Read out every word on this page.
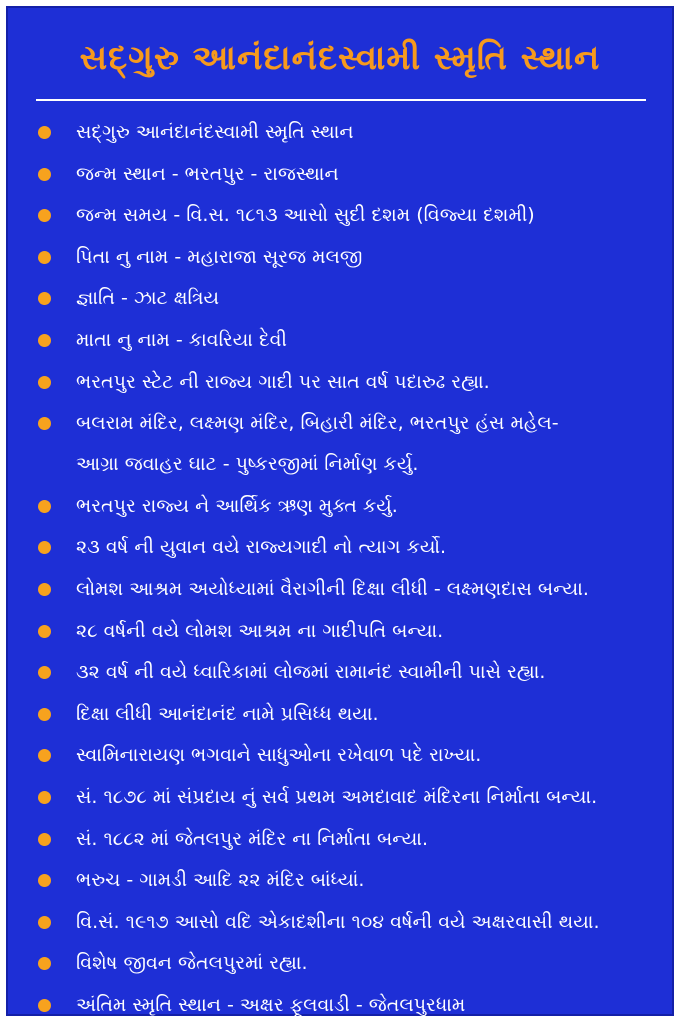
સદ્‌ગુરુ આનંદાનંદસ્વામી સ્મૃતિ સ્થાન
સદ્‌ગુરુ આનંદાનંદસ્વામી સ્મૃતિ સ્થાન
જન્મ સ્થાન - ભરતપુર - રાજસ્થાન
જન્મ સમય - વિ.સ. ૧૮૧૩ આસો સુદી દશમ (વિજ્યા દશમી)
પિતા નુ નામ - મહારાજા સૂરજ મલજી
જ્ઞાતિ - ઝાટ ક્ષત્રિય
માતા નુ નામ - કાવરિયા દેવી
ભરતપુર સ્ટેટ ની રાજ્ય ગાદી પર સાત વર્ષ પદારુઢ રહ્યા.
બલરામ મંદિર, લક્ષ્મણ મંદિર, બિહારી મંદિર, ભરતપુર હંસ મહેલ-
આગ્રા જવાહર ઘાટ - પુષ્કરજીમાં નિર્માણ કર્યુ.
ભરતપુર રાજ્ય ને આર્થિક ઋણ મુક્ત કર્યુ.
૨૩ વર્ષ ની યુવાન વયે રાજ્યગાદી નો ત્યાગ કર્યો.
લોમશ આશ્રમ અયોધ્યામાં વૈરાગીની દિક્ષા લીધી - લક્ષ્મણદાસ બન્યા.
૨૮ વર્ષની વયે લોમશ આશ્રમ ના ગાદીપતિ બન્યા.
૩૨ વર્ષ ની વયે ધ્વારિકામાં લોજમાં રામાનંદ સ્વામીની પાસે રહ્યા.
દિક્ષા લીધી આનંદાનંદ નામે પ્રસિધ્ધ થયા.
સ્વામિનારાયણ ભગવાને સાધુઓના રખેવાળ પદે રાખ્યા.
સં. ૧૮૭૮ માં સંપ્રદાય નું સર્વ પ્રથમ અમદાવાદ મંદિરના નિર્માતા બન્યા.
સં. ૧૮૮૨ માં જેતલપુર મંદિર ના નિર્માતા બન્યા.
ભરુચ - ગામડી આદિ ૨૨ મંદિર બાંધ્યાં.
વિ.સં. ૧૯૧૭ આસો વદિ એકાદશીના ૧૦૪ વર્ષની વયે અક્ષરવાસી થયા.
વિશેષ જીવન જેતલપુરમાં રહ્યા.
અંતિમ સ્મૃતિ સ્થાન - અક્ષર ફૂલવાડી - જેતલપુરધામ
